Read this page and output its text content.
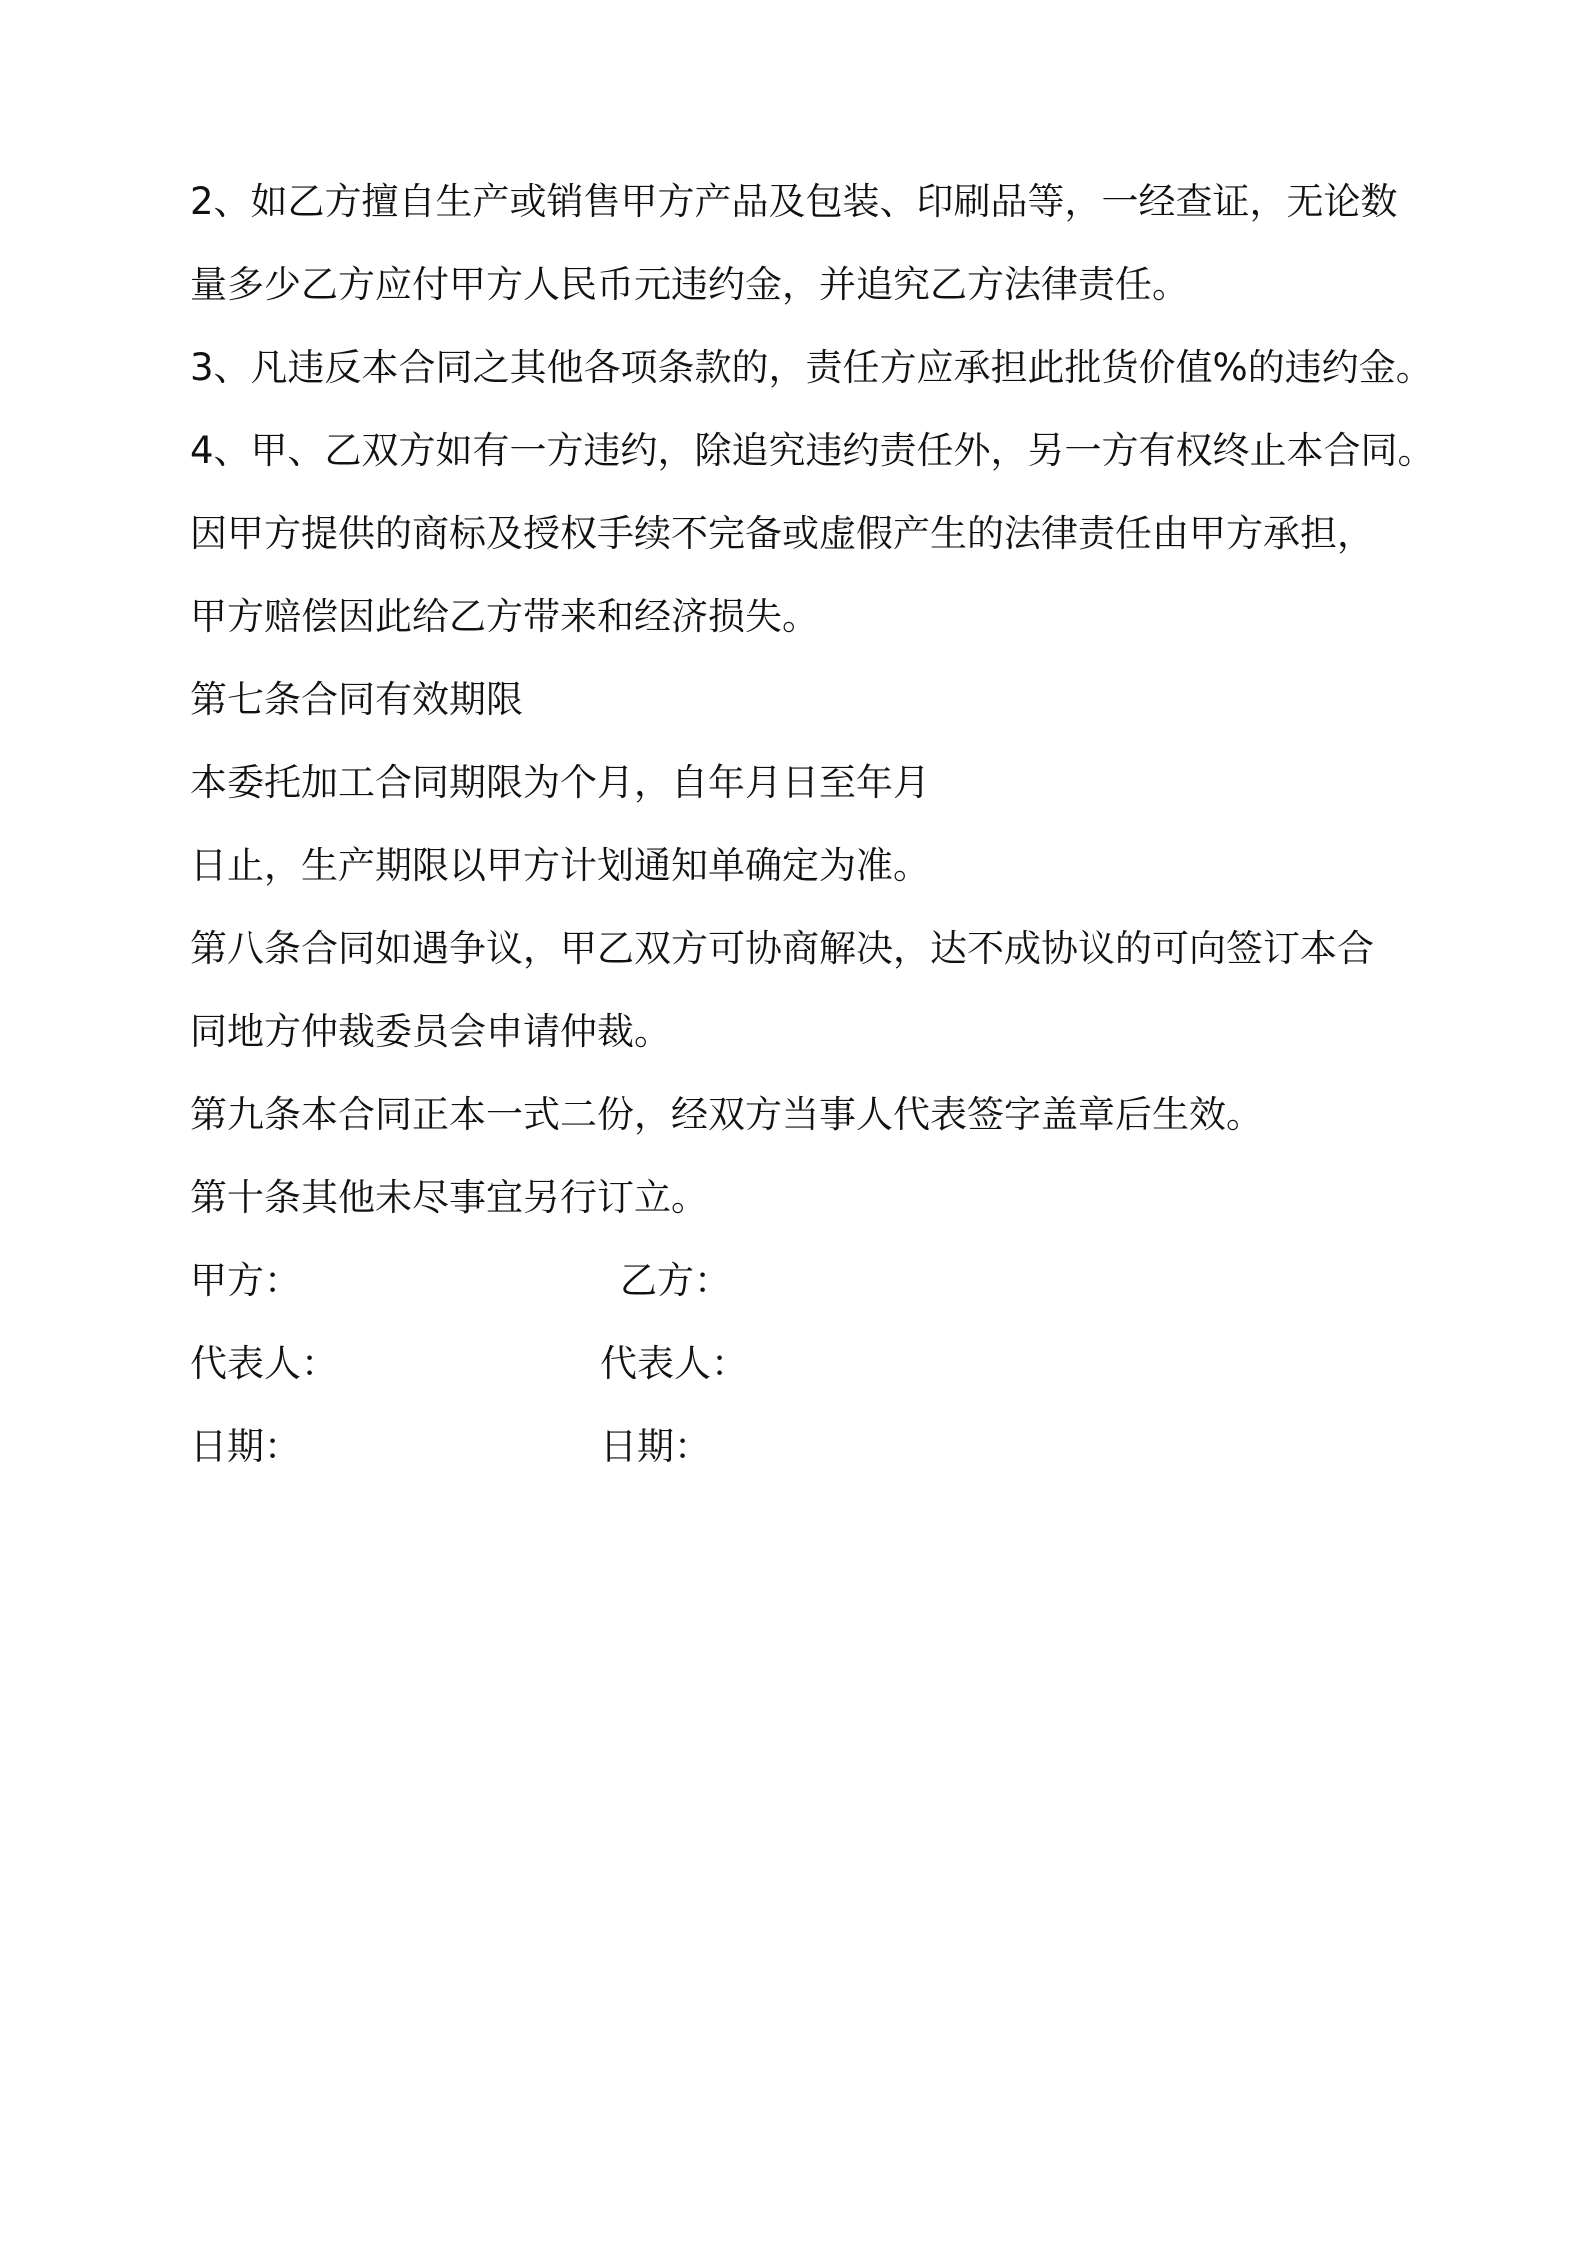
2、如乙方擅自生产或销售甲方产品及包装、印刷品等，一经查证，无论数
量多少乙方应付甲方人民币元违约金，并追究乙方法律责任。
3、凡违反本合同之其他各项条款的，责任方应承担此批货价值%的违约金。
4、甲、乙双方如有一方违约，除追究违约责任外，另一方有权终止本合同。
因甲方提供的商标及授权手续不完备或虚假产生的法律责任由甲方承担，
甲方赔偿因此给乙方带来和经济损失。
第七条合同有效期限
本委托加工合同期限为个月，自年月日至年月
日止，生产期限以甲方计划通知单确定为准。
第八条合同如遇争议，甲乙双方可协商解决，达不成协议的可向签订本合
同地方仲裁委员会申请仲裁。
第九条本合同正本一式二份，经双方当事人代表签字盖章后生效。
第十条其他未尽事宜另行订立。
甲方：	乙方：
代表人：	代表人：
日期：	日期：
